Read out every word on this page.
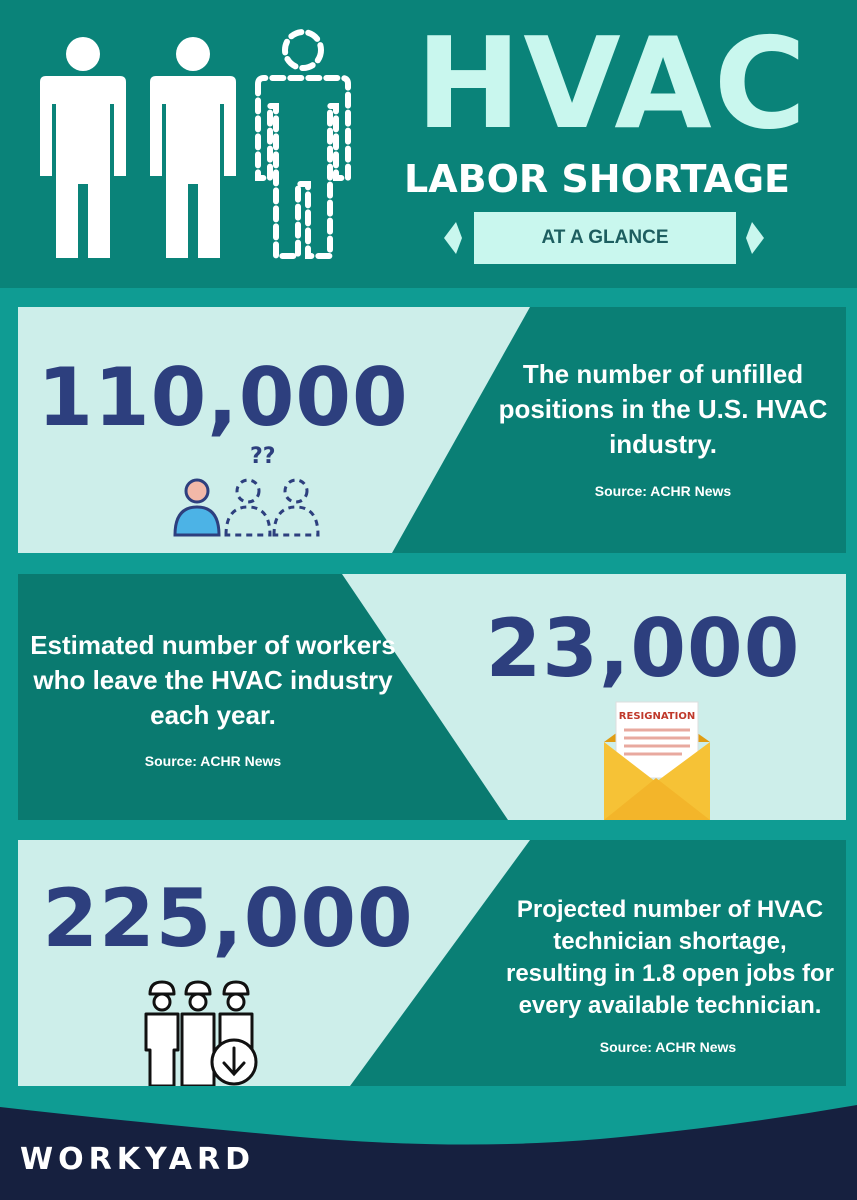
HVAC
LABOR SHORTAGE
AT A GLANCE
110,000
??
The number of unfilled positions in the U.S. HVAC industry.
Source: ACHR News
Estimated number of workers who leave the HVAC industry each year.
Source: ACHR News
23,000
RESIGNATION
225,000	Projected number of HVAC technician shortage, resulting in 1.8 open jobs for every available technician.
Source: ACHR News
WORKYARD
